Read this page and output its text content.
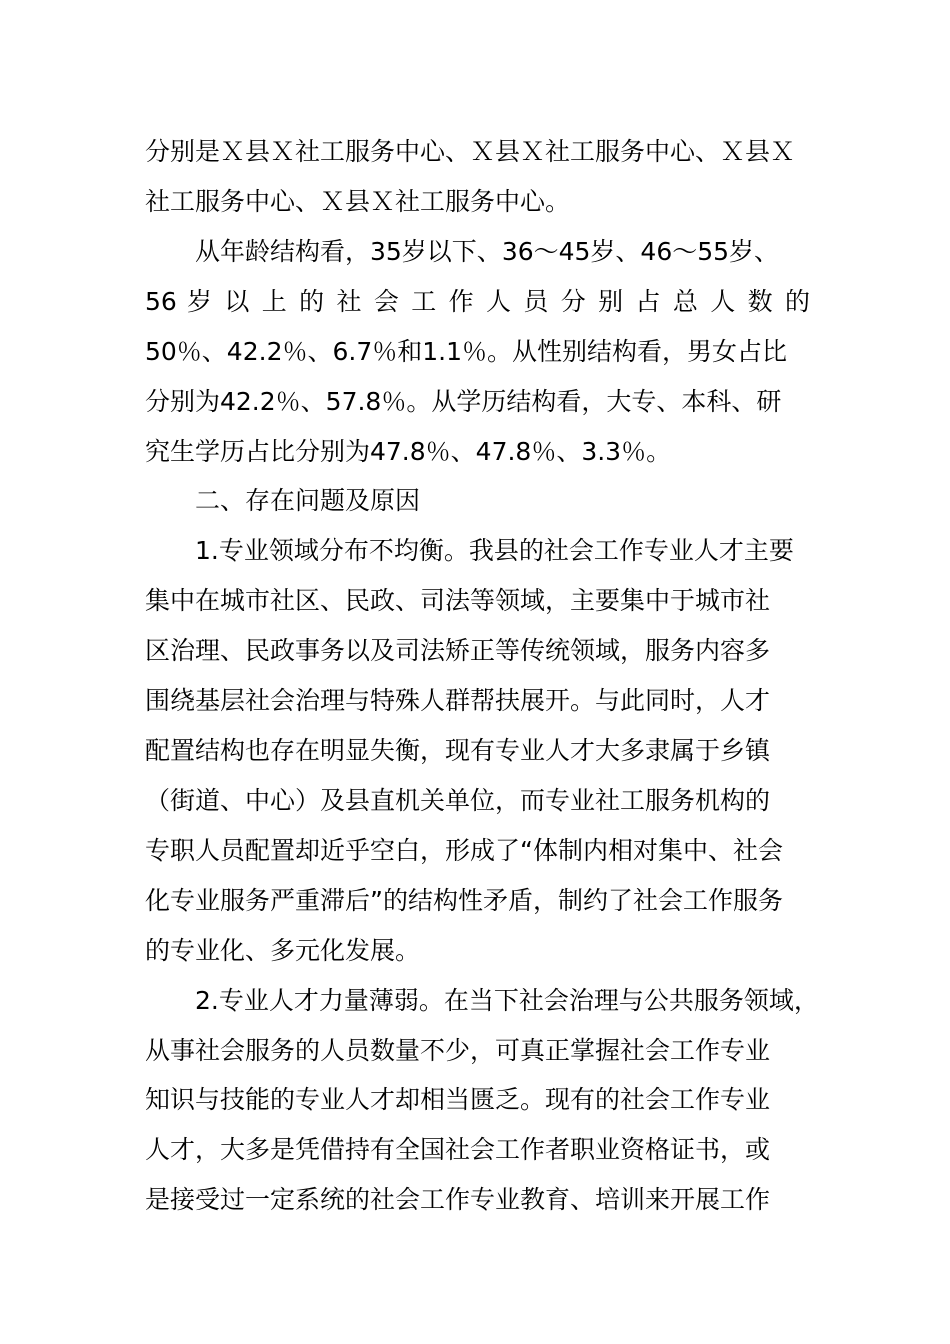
分别是Ｘ县Ｘ社工服务中心、Ｘ县Ｘ社工服务中心、Ｘ县Ｘ
社工服务中心、Ｘ县Ｘ社工服务中心。
从年龄结构看，35岁以下、36～45岁、46～55岁、
56 岁 以 上 的 社 会 工 作 人 员 分 别 占 总 人 数 的
50％、42.2％、6.7％和1.1％。从性别结构看，男女占比
分别为42.2％、57.8％。从学历结构看，大专、本科、研
究生学历占比分别为47.8％、47.8％、3.3％。
二、存在问题及原因
1.专业领域分布不均衡。我县的社会工作专业人才主要
集中在城市社区、民政、司法等领域，主要集中于城市社
区治理、民政事务以及司法矫正等传统领域，服务内容多
围绕基层社会治理与特殊人群帮扶展开。与此同时，人才
配置结构也存在明显失衡，现有专业人才大多隶属于乡镇
（街道、中心）及县直机关单位，而专业社工服务机构的
专职人员配置却近乎空白，形成了“体制内相对集中、社会
化专业服务严重滞后”的结构性矛盾，制约了社会工作服务
的专业化、多元化发展。
2.专业人才力量薄弱。在当下社会治理与公共服务领域，
从事社会服务的人员数量不少，可真正掌握社会工作专业
知识与技能的专业人才却相当匮乏。现有的社会工作专业
人才，大多是凭借持有全国社会工作者职业资格证书，或
是接受过一定系统的社会工作专业教育、培训来开展工作
